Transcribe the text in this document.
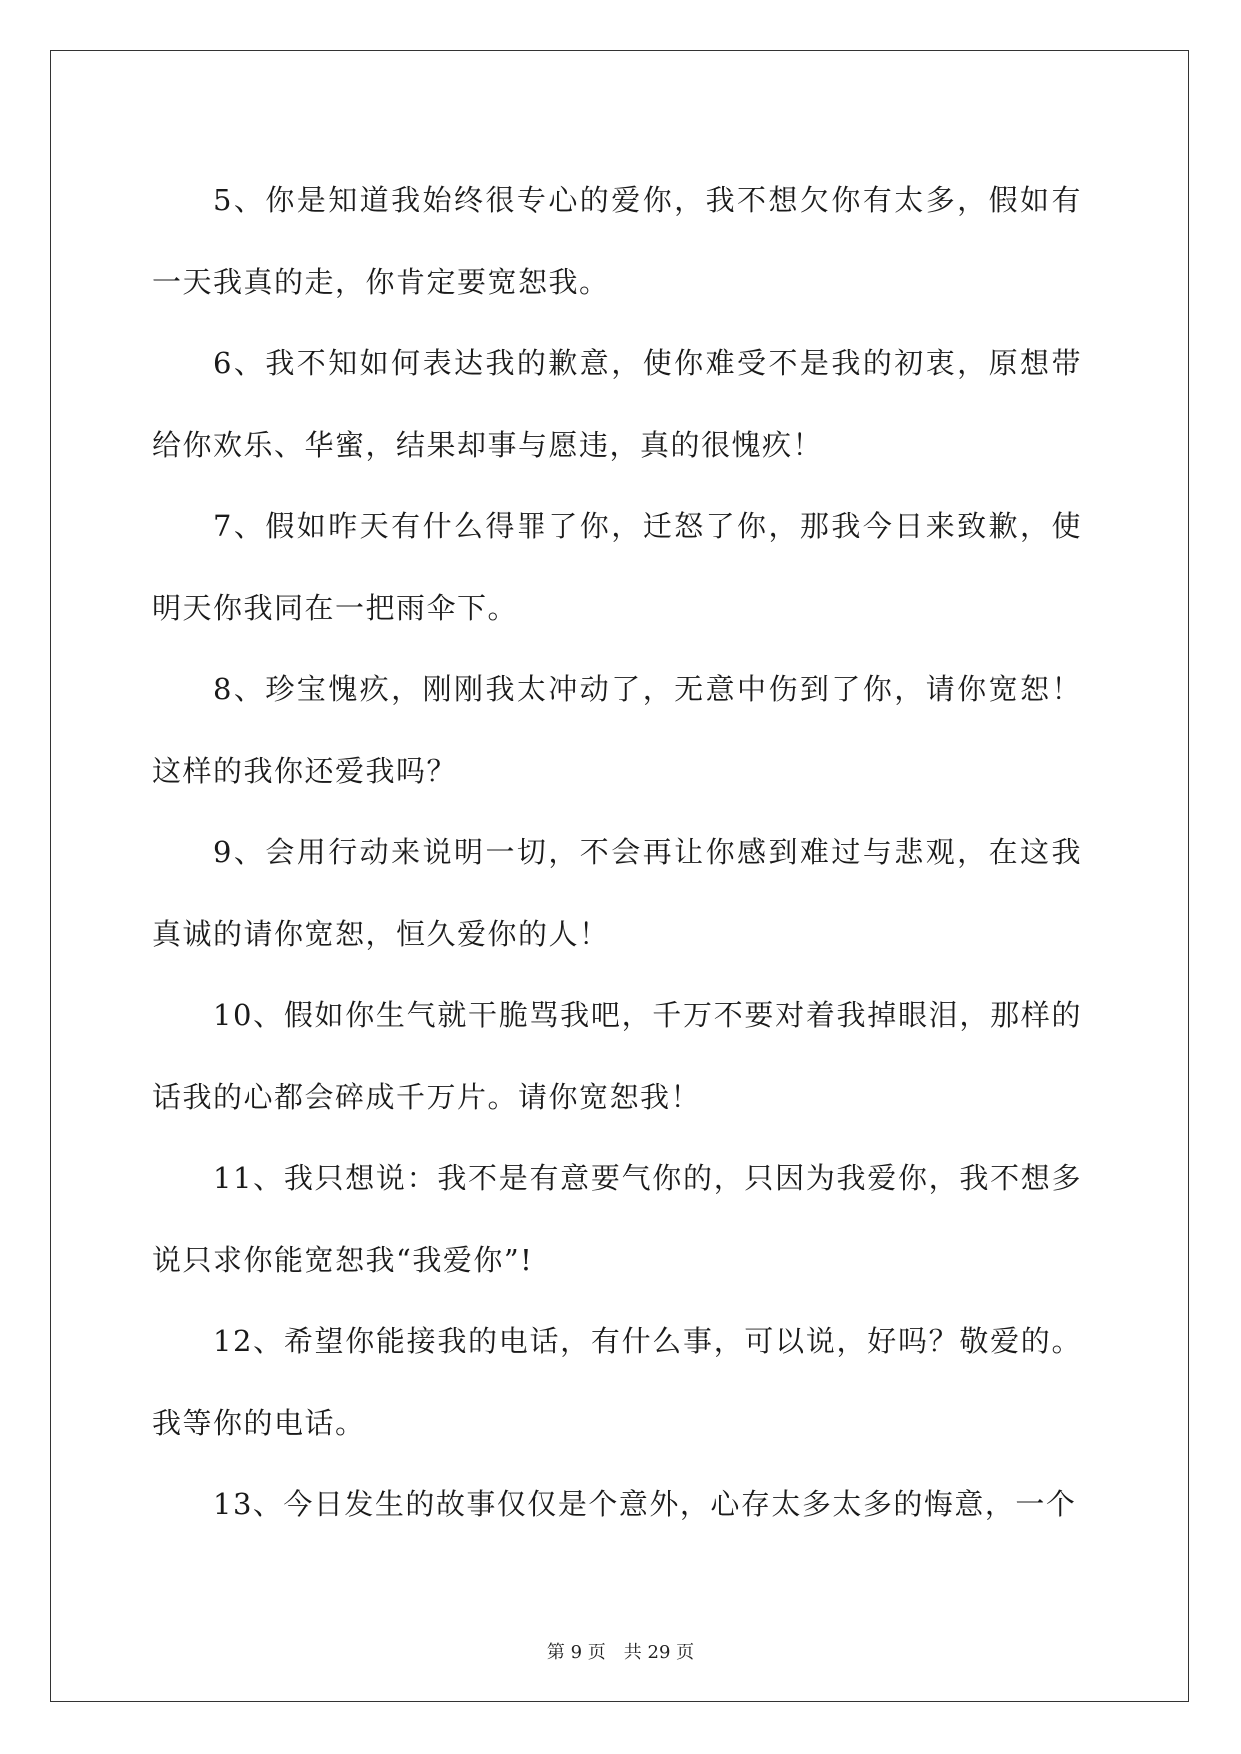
5、你是知道我始终很专心的爱你，我不想欠你有太多，假如有一天我真的走，你肯定要宽恕我。

6、我不知如何表达我的歉意，使你难受不是我的初衷，原想带给你欢乐、华蜜，结果却事与愿违，真的很愧疚！

7、假如昨天有什么得罪了你，迁怒了你，那我今日来致歉，使明天你我同在一把雨伞下。

8、珍宝愧疚，刚刚我太冲动了，无意中伤到了你，请你宽恕！这样的我你还爱我吗？

9、会用行动来说明一切，不会再让你感到难过与悲观，在这我真诚的请你宽恕，恒久爱你的人！

10、假如你生气就干脆骂我吧，千万不要对着我掉眼泪，那样的话我的心都会碎成千万片。请你宽恕我！

11、我只想说：我不是有意要气你的，只因为我爱你，我不想多说只求你能宽恕我“我爱你”!

12、希望你能接我的电话，有什么事，可以说，好吗？敬爱的。我等你的电话。

13、今日发生的故事仅仅是个意外，心存太多太多的悔意，一个

第 9 页 共 29 页
